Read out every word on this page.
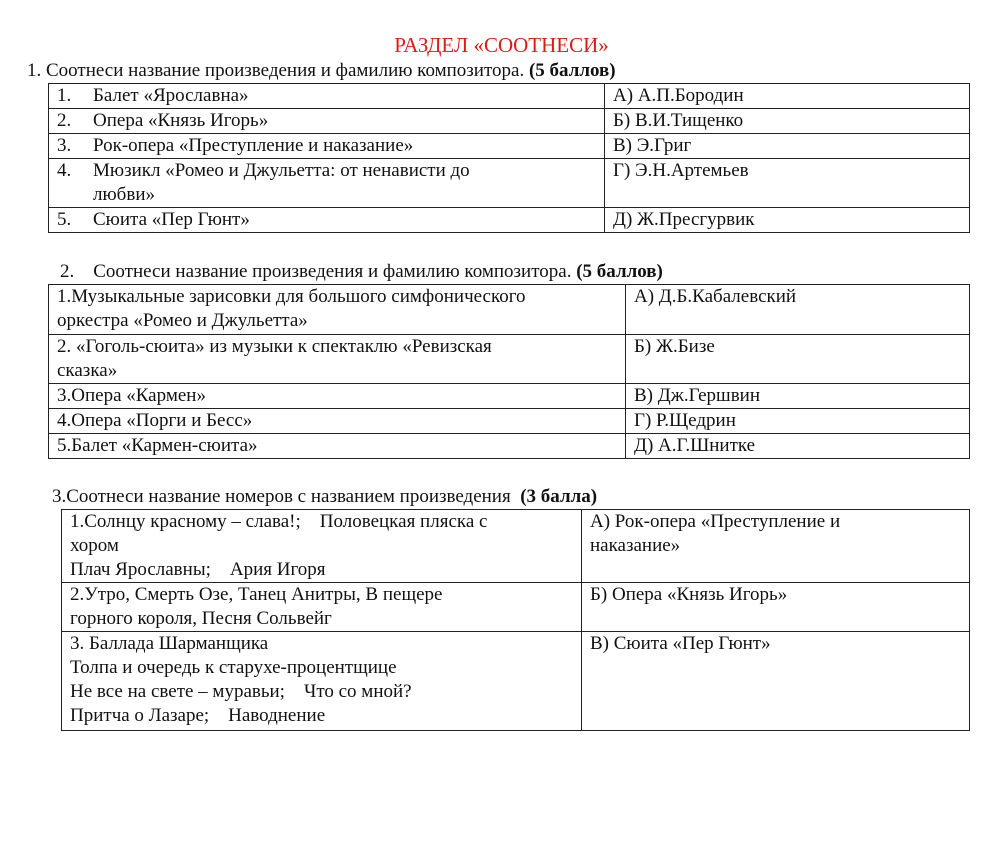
РАЗДЕЛ «СООТНЕСИ»
1. Соотнеси название произведения и фамилию композитора. (5 баллов)
1. Балет «Ярославна»	А) А.П.Бородин
2. Опера «Князь Игорь»	Б) В.И.Тищенко
3. Рок-опера «Преступление и наказание»	В) Э.Григ
4. Мюзикл «Ромео и Джульетта: от ненависти до
любви»	Г) Э.Н.Артемьев
5. Сюита «Пер Гюнт»	Д) Ж.Пресгурвик
2.    Соотнеси название произведения и фамилию композитора. (5 баллов)
1.Музыкальные зарисовки для большого симфонического
оркестра «Ромео и Джульетта»	А) Д.Б.Кабалевский

2. «Гоголь-сюита» из музыки к спектаклю «Ревизская
сказка»	Б) Ж.Бизе
3.Опера «Кармен»	В) Дж.Гершвин
4.Опера «Порги и Бесс»	Г) Р.Щедрин
5.Балет «Кармен-сюита»	Д) А.Г.Шнитке
3.Соотнеси название номеров с названием произведения  (3 балла)
1.Солнцу красному – слава!;    Половецкая пляска с
хором
Плач Ярославны;    Ария Игоря	А) Рок-опера «Преступление и
наказание»

2.Утро, Смерть Озе, Танец Анитры, В пещере
горного короля, Песня Сольвейг	Б) Опера «Князь Игорь»

3. Баллада Шарманщика
Толпа и очередь к старухе-процентщице
Не все на свете – муравьи;    Что со мной?
Притча о Лазаре;    Наводнение	В) Сюита «Пер Гюнт»
